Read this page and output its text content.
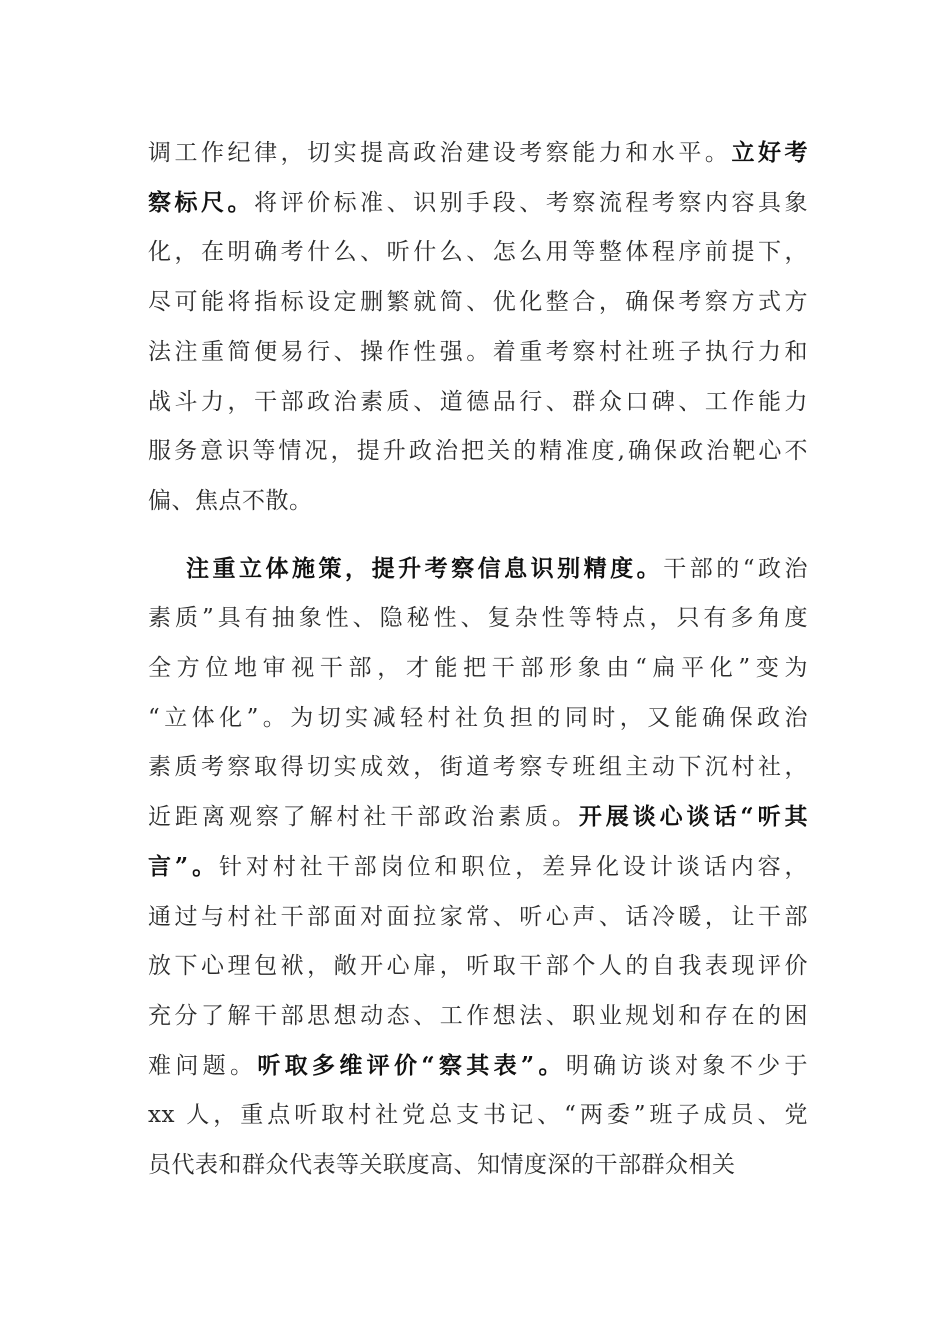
调工作纪律，切实提高政治建设考察能力和水平。立好考
察标尺。将评价标准、识别手段、考察流程考察内容具象
化，在明确考什么、听什么、怎么用等整体程序前提下，
尽可能将指标设定删繁就简、优化整合，确保考察方式方
法注重简便易行、操作性强。着重考察村社班子执行力和
战斗力，干部政治素质、道德品行、群众口碑、工作能力
服务意识等情况，提升政治把关的精准度,确保政治靶心不
偏、焦点不散。
注重立体施策，提升考察信息识别精度。干部的“政治
素质”具有抽象性、隐秘性、复杂性等特点，只有多角度
全方位地审视干部，才能把干部形象由“扁平化”变为
“立体化”。为切实减轻村社负担的同时，又能确保政治
素质考察取得切实成效，街道考察专班组主动下沉村社，
近距离观察了解村社干部政治素质。开展谈心谈话“听其
言”。针对村社干部岗位和职位，差异化设计谈话内容，
通过与村社干部面对面拉家常、听心声、话冷暖，让干部
放下心理包袱，敞开心扉，听取干部个人的自我表现评价
充分了解干部思想动态、工作想法、职业规划和存在的困
难问题。听取多维评价“察其表”。明确访谈对象不少于
xx 人，重点听取村社党总支书记、“两委”班子成员、党
员代表和群众代表等关联度高、知情度深的干部群众相关
